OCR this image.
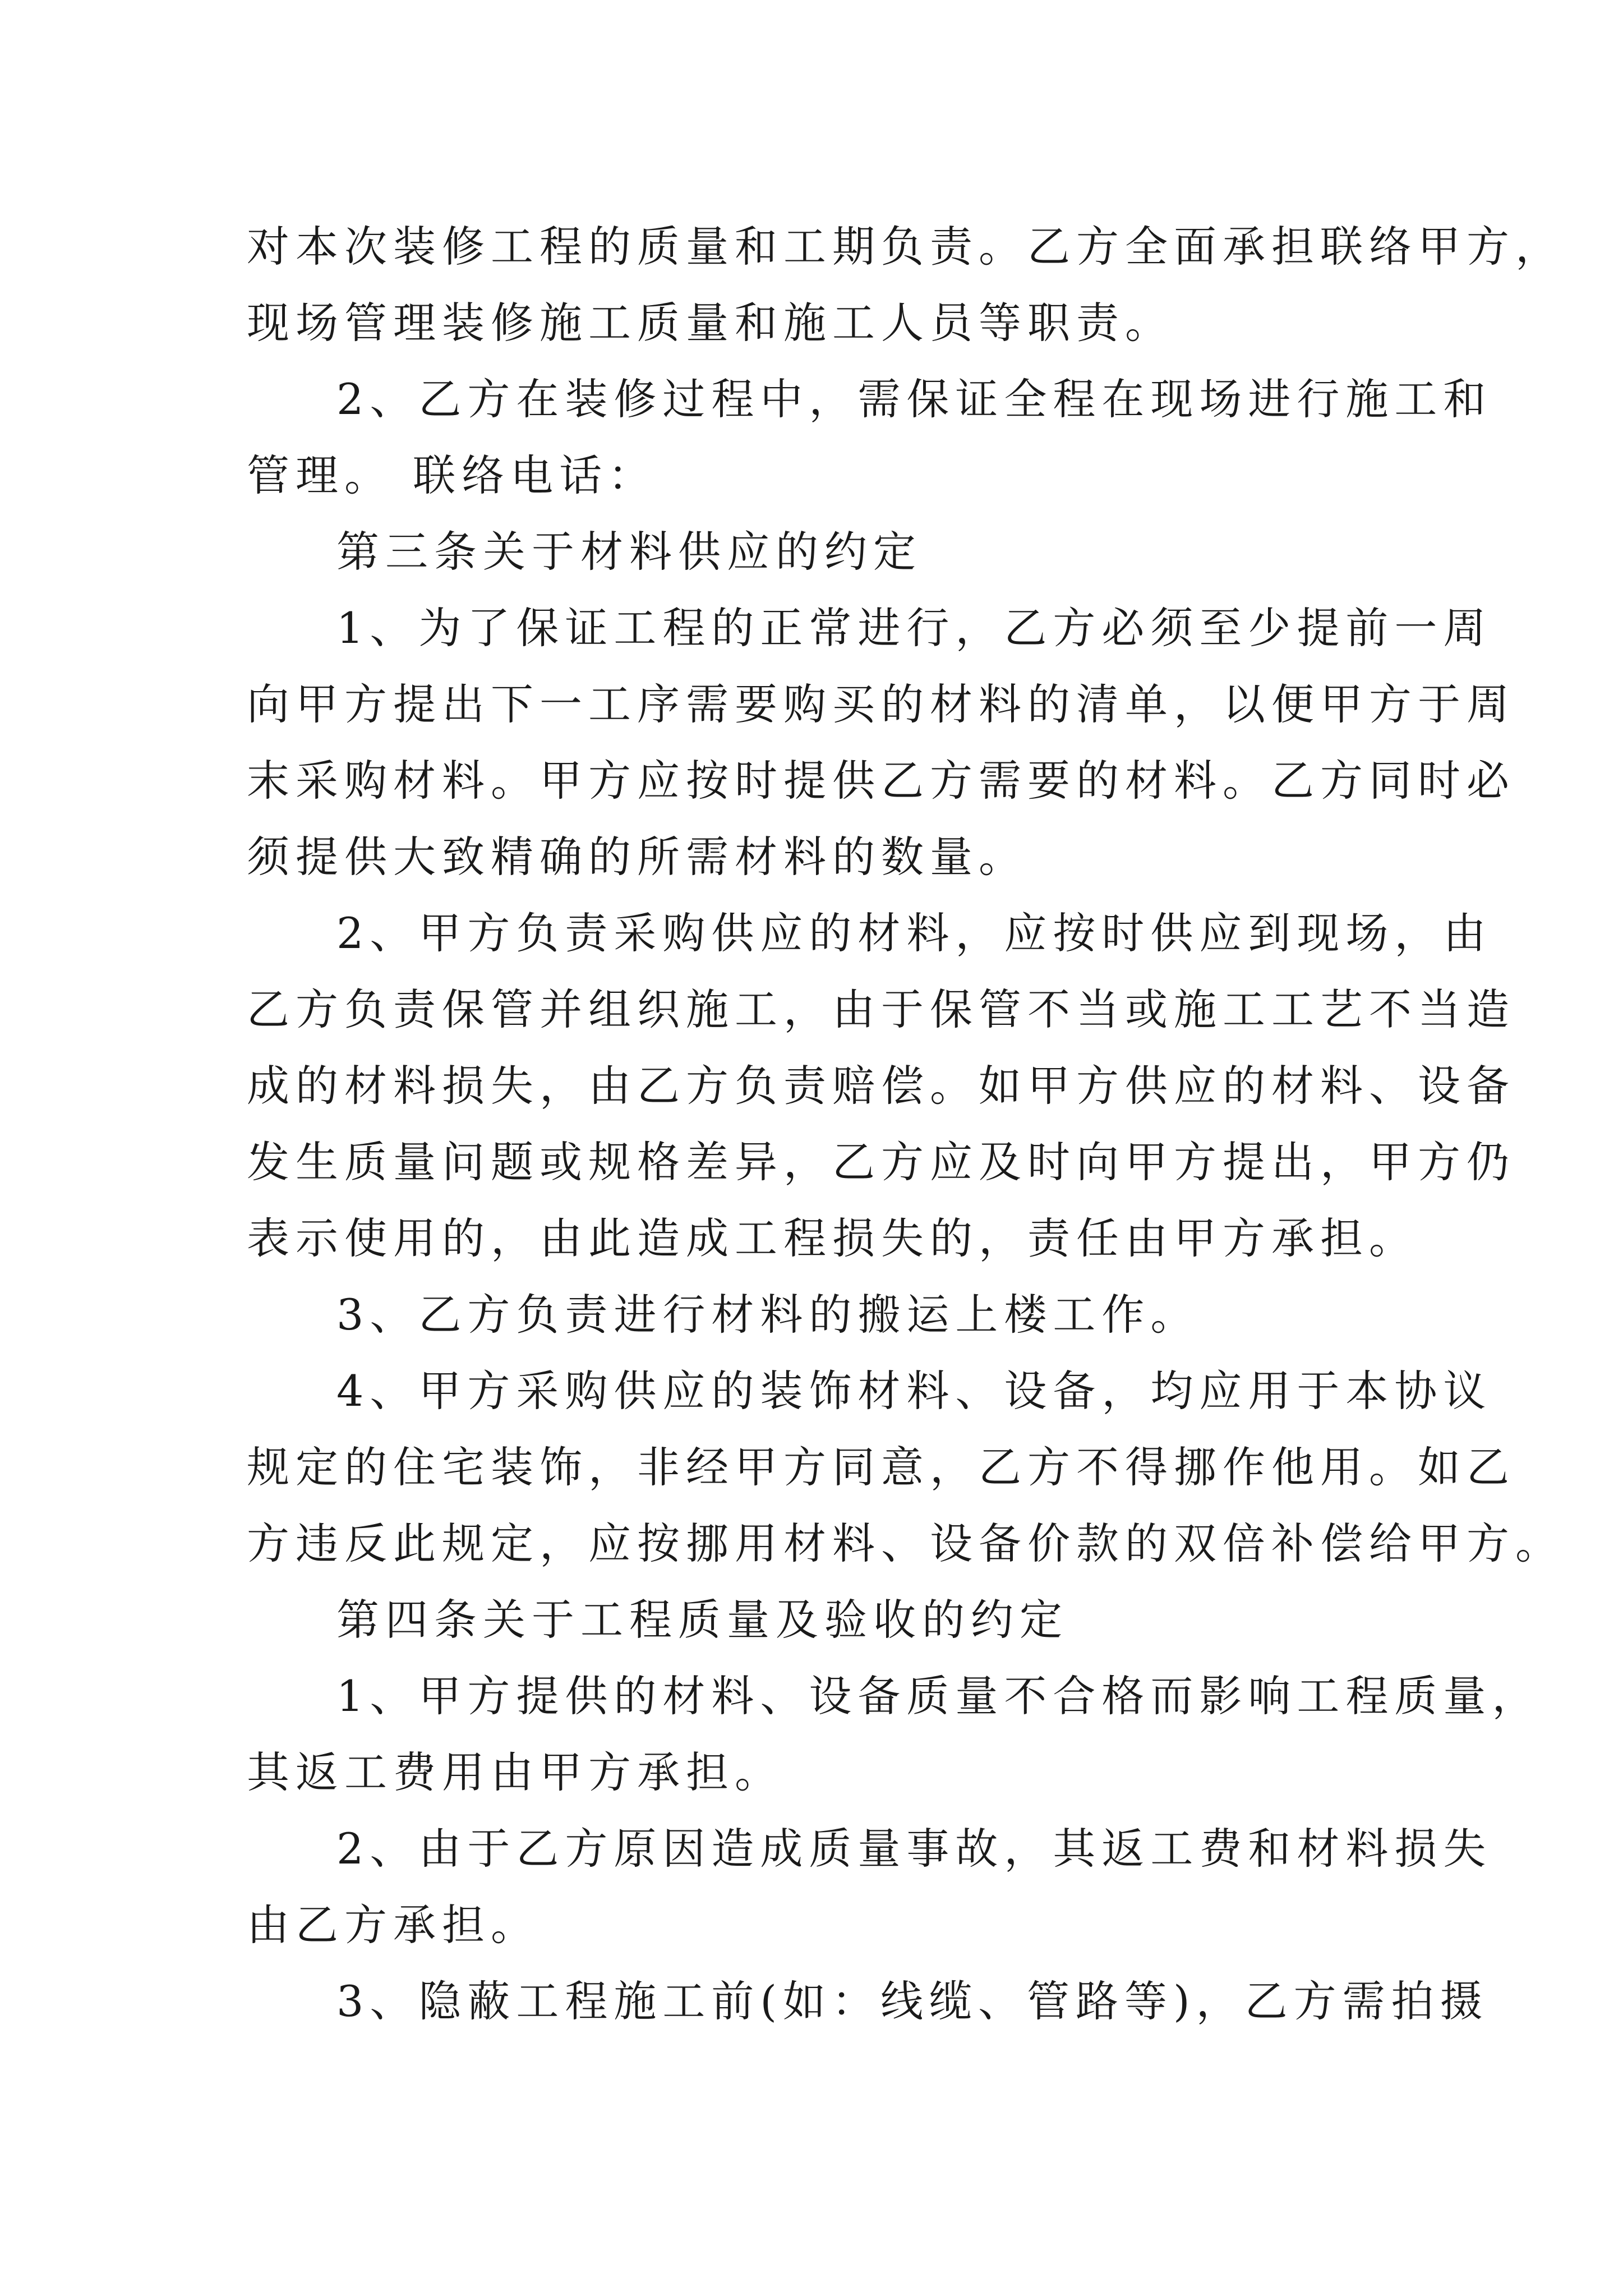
对本次装修工程的质量和工期负责。乙方全面承担联络甲方，
现场管理装修施工质量和施工人员等职责。
2、乙方在装修过程中，需保证全程在现场进行施工和
管理。 联络电话：
第三条关于材料供应的约定
1、为了保证工程的正常进行，乙方必须至少提前一周
向甲方提出下一工序需要购买的材料的清单，以便甲方于周
末采购材料。甲方应按时提供乙方需要的材料。乙方同时必
须提供大致精确的所需材料的数量。
2、甲方负责采购供应的材料，应按时供应到现场，由
乙方负责保管并组织施工，由于保管不当或施工工艺不当造
成的材料损失，由乙方负责赔偿。如甲方供应的材料、设备
发生质量问题或规格差异，乙方应及时向甲方提出，甲方仍
表示使用的，由此造成工程损失的，责任由甲方承担。
3、乙方负责进行材料的搬运上楼工作。
4、甲方采购供应的装饰材料、设备，均应用于本协议
规定的住宅装饰，非经甲方同意，乙方不得挪作他用。如乙
方违反此规定，应按挪用材料、设备价款的双倍补偿给甲方。
第四条关于工程质量及验收的约定
1、甲方提供的材料、设备质量不合格而影响工程质量，
其返工费用由甲方承担。
2、由于乙方原因造成质量事故，其返工费和材料损失
由乙方承担。
3、隐蔽工程施工前(如：线缆、管路等)，乙方需拍摄
